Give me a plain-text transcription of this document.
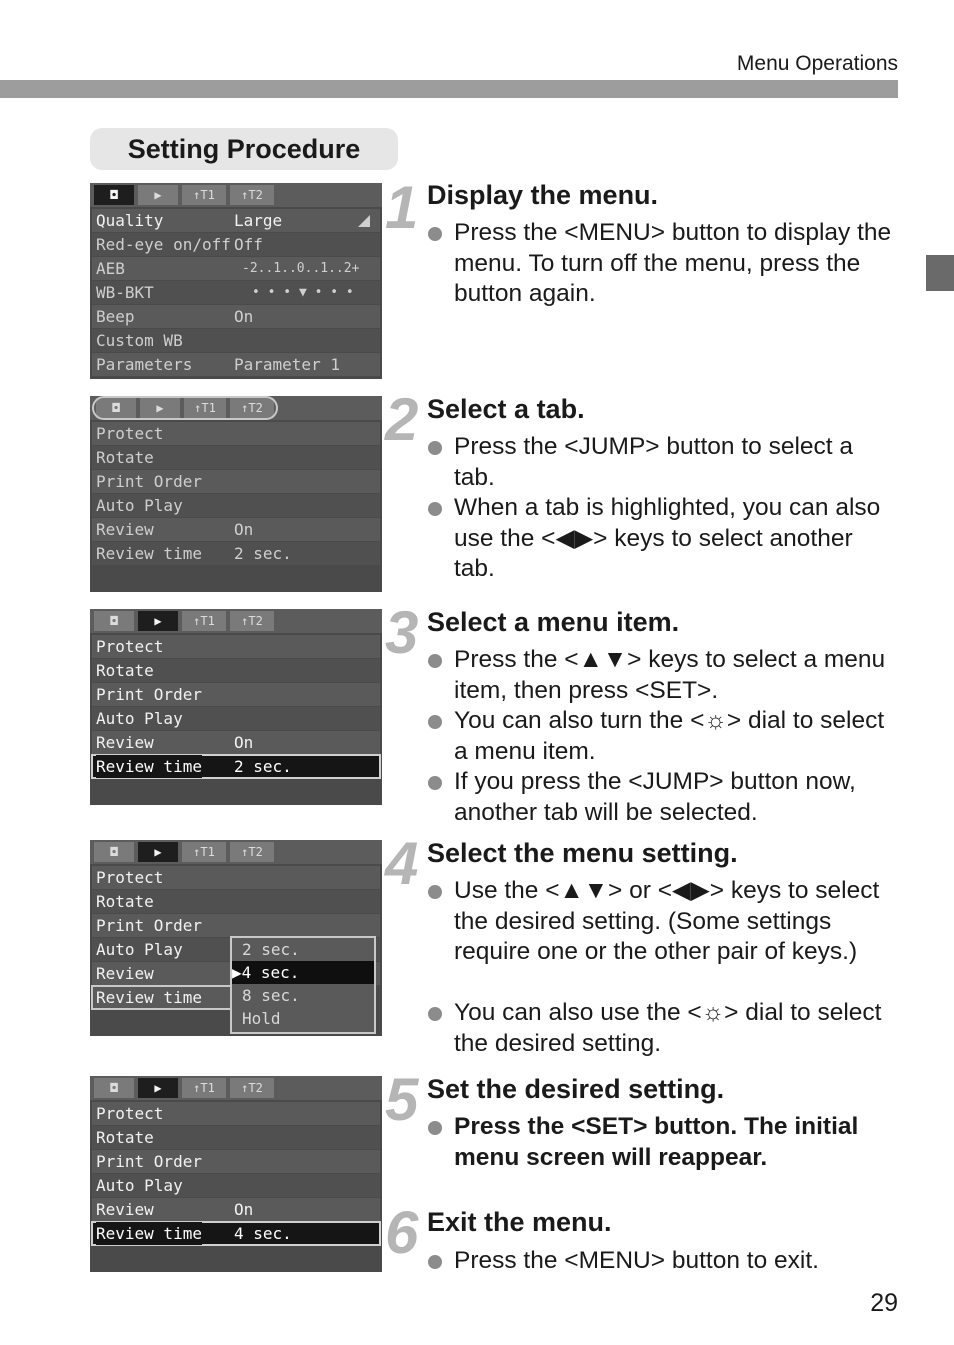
Menu Operations
Setting Procedure
◘	▶	↑T1	↑T2
Quality	Large
Red-eye on/off Off
AEB	-2..1..0..1..2+
WB-BKT	• • • ▼ • • •
Beep	On
Custom WB
Parameters	Parameter 1
◘	▶	↑T1	↑T2
Protect
Rotate
Print Order
Auto Play
Review	On
Review time 2 sec.
◘	▶	↑T1	↑T2
Protect
Rotate
Print Order
Auto Play
Review	On
Review time 2 sec.
◘	▶	↑T1	↑T2
Protect
Rotate
Print Order
Auto Play
Review
Review time
2 sec.
▶4 sec.
8 sec.
Hold
◘	▶	↑T1	↑T2
Protect
Rotate
Print Order
Auto Play
Review	On
Review time 4 sec.
1 Display the menu.
Press the <MENU> button to display the menu. To turn off the menu, press the button again.
2 Select a tab.
Press the <JUMP> button to select a tab.
When a tab is highlighted, you can also use the <◀▶> keys to select another tab.
3 Select a menu item.
Press the <▲▼> keys to select a menu item, then press <SET>.
You can also turn the <☼> dial to select a menu item.
If you press the <JUMP> button now, another tab will be selected.
4 Select the menu setting.
Use the <▲▼> or <◀▶> keys to select the desired setting. (Some settings require one or the other pair of keys.)
You can also use the <☼> dial to select the desired setting.
5 Set the desired setting.
Press the <SET> button. The initial menu screen will reappear.
6 Exit the menu.
Press the <MENU> button to exit.
29
